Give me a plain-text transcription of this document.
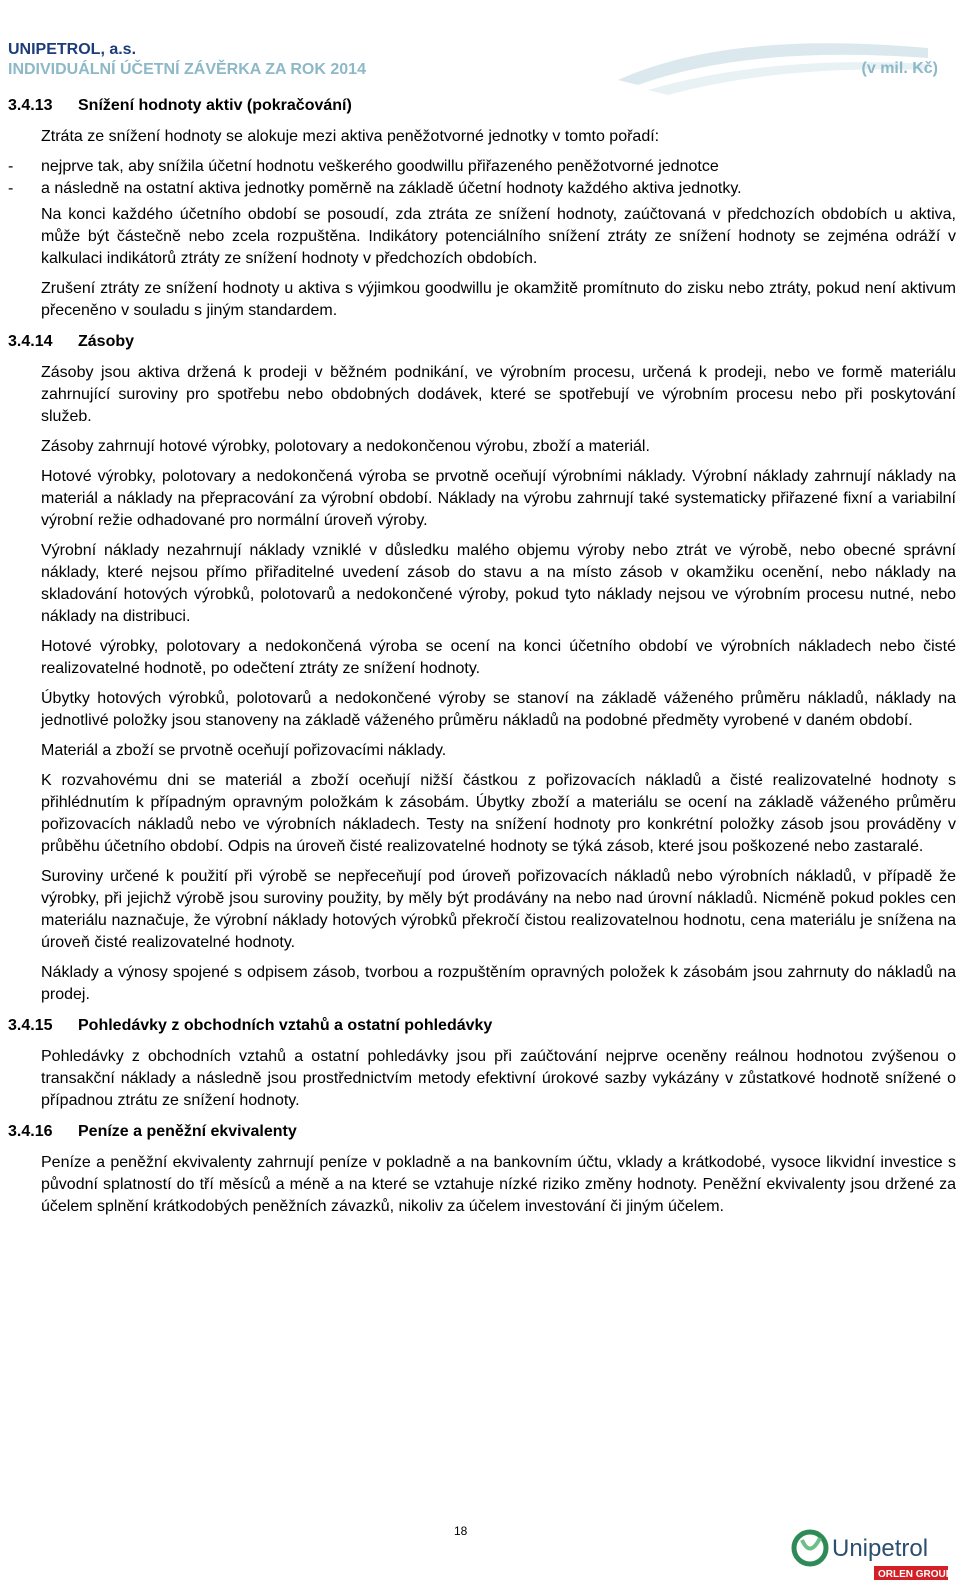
UNIPETROL, a.s.

INDIVIDUÁLNÍ ÚČETNÍ ZÁVĚRKA ZA ROK 2014	(v mil. Kč)
3.4.13 Snížení hodnoty aktiv (pokračování)

Ztráta ze snížení hodnoty se alokuje mezi aktiva peněžotvorné jednotky v tomto pořadí:

-	nejprve tak, aby snížila účetní hodnotu veškerého goodwillu přiřazeného peněžotvorné jednotce
-	a následně na ostatní aktiva jednotky poměrně na základě účetní hodnoty každého aktiva jednotky.

Na konci každého účetního období se posoudí, zda ztráta ze snížení hodnoty, zaúčtovaná v předchozích obdobích u aktiva, může být částečně nebo zcela rozpuštěna. Indikátory potenciálního snížení ztráty ze snížení hodnoty se zejména odráží v kalkulaci indikátorů ztráty ze snížení hodnoty v předchozích obdobích.

Zrušení ztráty ze snížení hodnoty u aktiva s výjimkou goodwillu je okamžitě promítnuto do zisku nebo ztráty, pokud není aktivum přeceněno v souladu s jiným standardem.

3.4.14 Zásoby

Zásoby jsou aktiva držená k prodeji v běžném podnikání, ve výrobním procesu, určená k prodeji, nebo ve formě materiálu zahrnující suroviny pro spotřebu nebo obdobných dodávek, které se spotřebují ve výrobním procesu nebo při poskytování služeb.

Zásoby zahrnují hotové výrobky, polotovary a nedokončenou výrobu, zboží a materiál.

Hotové výrobky, polotovary a nedokončená výroba se prvotně oceňují výrobními náklady. Výrobní náklady zahrnují náklady na materiál a náklady na přepracování za výrobní období. Náklady na výrobu zahrnují také systematicky přiřazené fixní a variabilní výrobní režie odhadované pro normální úroveň výroby.

Výrobní náklady nezahrnují náklady vzniklé v důsledku malého objemu výroby nebo ztrát ve výrobě, nebo obecné správní náklady, které nejsou přímo přiřaditelné uvedení zásob do stavu a na místo zásob v okamžiku ocenění, nebo náklady na skladování hotových výrobků, polotovarů a nedokončené výroby, pokud tyto náklady nejsou ve výrobním procesu nutné, nebo náklady na distribuci.

Hotové výrobky, polotovary a nedokončená výroba se ocení na konci účetního období ve výrobních nákladech nebo čisté realizovatelné hodnotě, po odečtení ztráty ze snížení hodnoty.

Úbytky hotových výrobků, polotovarů a nedokončené výroby se stanoví na základě váženého průměru nákladů, náklady na jednotlivé položky jsou stanoveny na základě váženého průměru nákladů na podobné předměty vyrobené v daném období.

Materiál a zboží se prvotně oceňují pořizovacími náklady.

K rozvahovému dni se materiál a zboží oceňují nižší částkou z pořizovacích nákladů a čisté realizovatelné hodnoty s přihlédnutím k případným opravným položkám k zásobám. Úbytky zboží a materiálu se ocení na základě váženého průměru pořizovacích nákladů nebo ve výrobních nákladech. Testy na snížení hodnoty pro konkrétní položky zásob jsou prováděny v průběhu účetního období. Odpis na úroveň čisté realizovatelné hodnoty se týká zásob, které jsou poškozené nebo zastaralé.

Suroviny určené k použití při výrobě se nepřeceňují pod úroveň pořizovacích nákladů nebo výrobních nákladů, v případě že výrobky, při jejichž výrobě jsou suroviny použity, by měly být prodávány na nebo nad úrovní nákladů. Nicméně pokud pokles cen materiálu naznačuje, že výrobní náklady hotových výrobků překročí čistou realizovatelnou hodnotu, cena materiálu je snížena na úroveň čisté realizovatelné hodnoty.

Náklady a výnosy spojené s odpisem zásob, tvorbou a rozpuštěním opravných položek k zásobám jsou zahrnuty do nákladů na prodej.

3.4.15 Pohledávky z obchodních vztahů a ostatní pohledávky

Pohledávky z obchodních vztahů a ostatní pohledávky jsou při zaúčtování nejprve oceněny reálnou hodnotou zvýšenou o transakční náklady a následně jsou prostřednictvím metody efektivní úrokové sazby vykázány v zůstatkové hodnotě snížené o případnou ztrátu ze snížení hodnoty.

3.4.16 Peníze a peněžní ekvivalenty

Peníze a peněžní ekvivalenty zahrnují peníze v pokladně a na bankovním účtu, vklady a krátkodobé, vysoce likvidní investice s původní splatností do tří měsíců a méně a na které se vztahuje nízké riziko změny hodnoty. Peněžní ekvivalenty jsou držené za účelem splnění krátkodobých peněžních závazků, nikoliv za účelem investování či jiným účelem.

18
Unipetrol
ORLEN GROUP
